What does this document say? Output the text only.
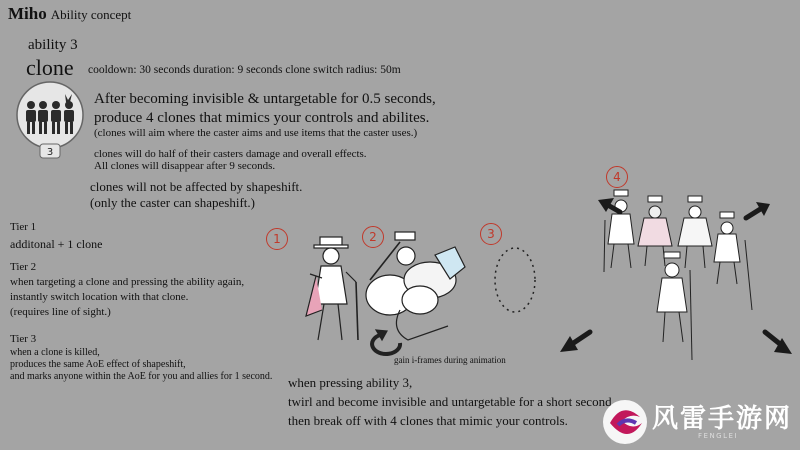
Miho Ability concept
ability 3
clone cooldown: 30 seconds duration: 9 seconds clone switch radius: 50m
3
After becoming invisible & untargetable for 0.5 seconds,
produce 4 clones that mimics your controls and abilites.
(clones will aim where the caster aims and use items that the caster uses.)
clones will do half of their casters damage and overall effects.
All clones will disappear after 9 seconds.
clones will not be affected by shapeshift.
(only the caster can shapeshift.)
Tier 1
additonal + 1 clone
Tier 2
when targeting a clone and pressing the ability again,
instantly switch location with that clone.
(requires line of sight.)
Tier 3
when a clone is killed,
produces the same AoE effect of shapeshift,
and marks anyone within the AoE for you and allies for 1 second.
1	2	3
4
gain i-frames during animation
when pressing ability 3,
twirl and become invisible and untargetable for a short second
then break off with 4 clones that mimic your controls.	风雷手游网
FENGLEI
